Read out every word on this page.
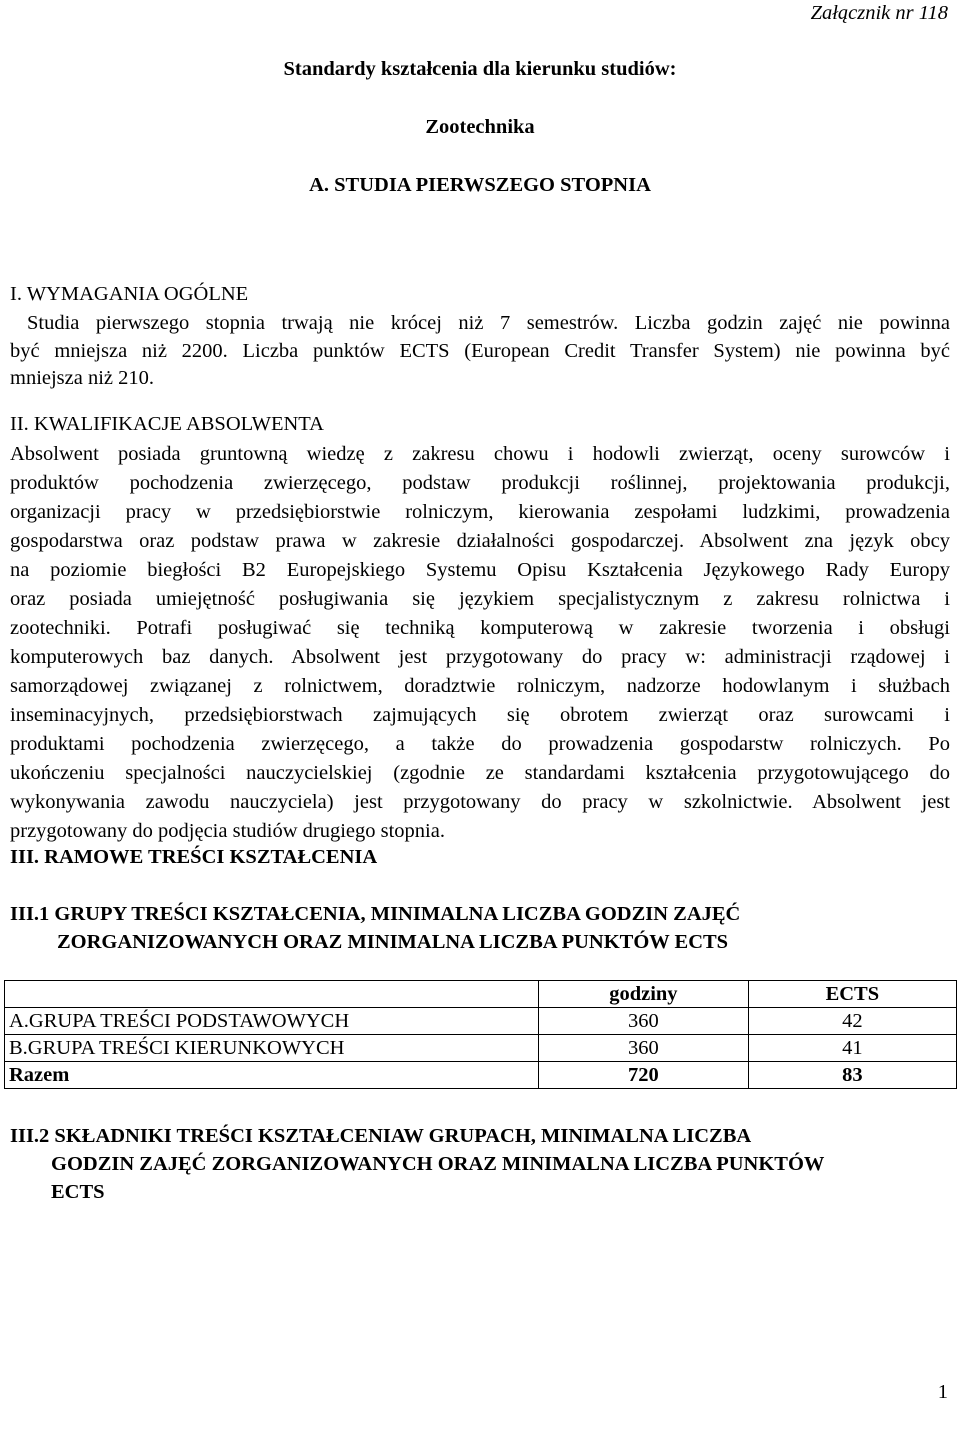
Załącznik nr 118
Standardy kształcenia dla kierunku studiów:
Zootechnika
A. STUDIA PIERWSZEGO STOPNIA
I. WYMAGANIA OGÓLNE
Studia pierwszego stopnia trwają nie krócej niż 7 semestrów. Liczba godzin zajęć nie powinna
być mniejsza niż 2200. Liczba punktów ECTS (European Credit Transfer System) nie powinna być
mniejsza niż 210.
II. KWALIFIKACJE ABSOLWENTA
Absolwent posiada gruntowną wiedzę z zakresu chowu i hodowli zwierząt, oceny surowców i
produktów pochodzenia zwierzęcego, podstaw produkcji roślinnej, projektowania produkcji,
organizacji pracy w przedsiębiorstwie rolniczym, kierowania zespołami ludzkimi, prowadzenia
gospodarstwa oraz podstaw prawa w zakresie działalności gospodarczej. Absolwent zna język obcy
na poziomie biegłości B2 Europejskiego Systemu Opisu Kształcenia Językowego Rady Europy
oraz posiada umiejętność posługiwania się językiem specjalistycznym z zakresu rolnictwa i
zootechniki. Potrafi posługiwać się techniką komputerową w zakresie tworzenia i obsługi
komputerowych baz danych. Absolwent jest przygotowany do pracy w: administracji rządowej i
samorządowej związanej z rolnictwem, doradztwie rolniczym, nadzorze hodowlanym i służbach
inseminacyjnych, przedsiębiorstwach zajmujących się obrotem zwierząt oraz surowcami i
produktami pochodzenia zwierzęcego, a także do prowadzenia gospodarstw rolniczych. Po
ukończeniu specjalności nauczycielskiej (zgodnie ze standardami kształcenia przygotowującego do
wykonywania zawodu nauczyciela) jest przygotowany do pracy w szkolnictwie. Absolwent jest
przygotowany do podjęcia studiów drugiego stopnia.
III. RAMOWE TREŚCI KSZTAŁCENIA
III.1 GRUPY TREŚCI KSZTAŁCENIA, MINIMALNA LICZBA GODZIN ZAJĘĆ
ZORGANIZOWANYCH ORAZ MINIMALNA LICZBA PUNKTÓW ECTS
	godziny	ECTS
A.GRUPA TREŚCI PODSTAWOWYCH	360	42
B.GRUPA TREŚCI KIERUNKOWYCH	360	41
Razem	720	83
III.2 SKŁADNIKI TREŚCI KSZTAŁCENIAW GRUPACH, MINIMALNA LICZBA
GODZIN ZAJĘĆ ZORGANIZOWANYCH ORAZ MINIMALNA LICZBA PUNKTÓW
ECTS
1
